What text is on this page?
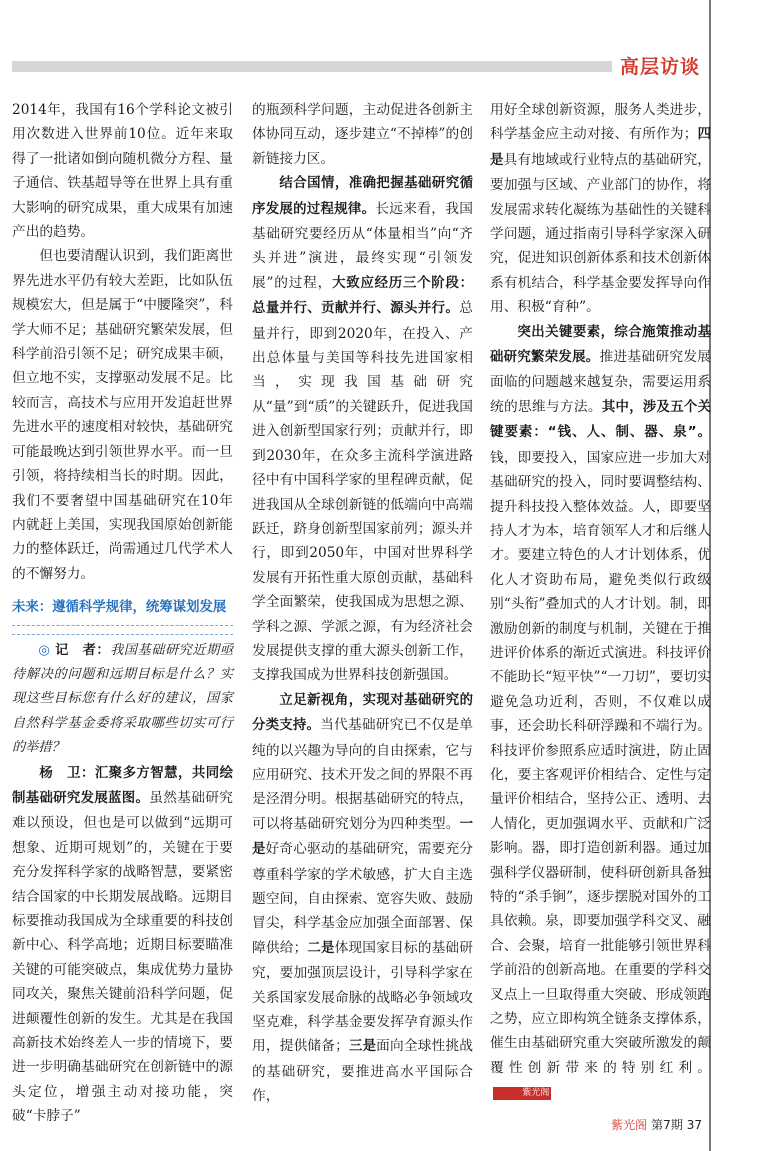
高层访谈

2014年，我国有16个学科论文被引用次数进入世界前10位。近年来取得了一批诸如倒向随机微分方程、量子通信、铁基超导等在世界上具有重大影响的研究成果，重大成果有加速产出的趋势。

但也要清醒认识到，我们距离世界先进水平仍有较大差距，比如队伍规模宏大，但是属于“中腰隆突”，科学大师不足；基础研究繁荣发展，但科学前沿引领不足；研究成果丰硕，但立地不实，支撑驱动发展不足。比较而言，高技术与应用开发追赶世界先进水平的速度相对较快，基础研究可能最晚达到引领世界水平。而一旦引领，将持续相当长的时期。因此，我们不要奢望中国基础研究在10年内就赶上美国，实现我国原始创新能力的整体跃迁，尚需通过几代学术人的不懈努力。

未来：遵循科学规律，统筹谋划发展

◎ 记　者：我国基础研究近期亟待解决的问题和远期目标是什么？实现这些目标您有什么好的建议，国家自然科学基金委将采取哪些切实可行的举措？

杨　卫：汇聚多方智慧，共同绘制基础研究发展蓝图。虽然基础研究难以预设，但也是可以做到“远期可想象、近期可规划”的，关键在于要充分发挥科学家的战略智慧，要紧密结合国家的中长期发展战略。远期目标要推动我国成为全球重要的科技创新中心、科学高地；近期目标要瞄准关键的可能突破点，集成优势力量协同攻关，聚焦关键前沿科学问题，促进颠覆性创新的发生。尤其是在我国高新技术始终差人一步的情境下，要进一步明确基础研究在创新链中的源头定位，增强主动对接功能，突破“卡脖子”

的瓶颈科学问题，主动促进各创新主体协同互动，逐步建立“不掉棒”的创新链接力区。

结合国情，准确把握基础研究循序发展的过程规律。长远来看，我国基础研究要经历从“体量相当”向“齐头并进”演进，最终实现“引领发展”的过程，大致应经历三个阶段：总量并行、贡献并行、源头并行。总量并行，即到2020年，在投入、产出总体量与美国等科技先进国家相当，实现我国基础研究从“量”到“质”的关键跃升，促进我国进入创新型国家行列；贡献并行，即到2030年，在众多主流科学演进路径中有中国科学家的里程碑贡献，促进我国从全球创新链的低端向中高端跃迁，跻身创新型国家前列；源头并行，即到2050年，中国对世界科学发展有开拓性重大原创贡献，基础科学全面繁荣，使我国成为思想之源、学科之源、学派之源，有为经济社会发展提供支撑的重大源头创新工作，支撑我国成为世界科技创新强国。

立足新视角，实现对基础研究的分类支持。当代基础研究已不仅是单纯的以兴趣为导向的自由探索，它与应用研究、技术开发之间的界限不再是泾渭分明。根据基础研究的特点，可以将基础研究划分为四种类型。一是好奇心驱动的基础研究，需要充分尊重科学家的学术敏感，扩大自主选题空间，自由探索、宽容失败、鼓励冒尖，科学基金应加强全面部署、保障供给；二是体现国家目标的基础研究，要加强顶层设计，引导科学家在关系国家发展命脉的战略必争领域攻坚克难，科学基金要发挥孕育源头作用，提供储备；三是面向全球性挑战的基础研究，要推进高水平国际合作，

用好全球创新资源，服务人类进步，科学基金应主动对接、有所作为；四是具有地域或行业特点的基础研究，要加强与区域、产业部门的协作，将发展需求转化凝练为基础性的关键科学问题，通过指南引导科学家深入研究，促进知识创新体系和技术创新体系有机结合，科学基金要发挥导向作用、积极“育种”。

突出关键要素，综合施策推动基础研究繁荣发展。推进基础研究发展面临的问题越来越复杂，需要运用系统的思维与方法。其中，涉及五个关键要素：“钱、人、制、器、泉”。钱，即要投入，国家应进一步加大对基础研究的投入，同时要调整结构、提升科技投入整体效益。人，即要坚持人才为本，培育领军人才和后继人才。要建立特色的人才计划体系，优化人才资助布局，避免类似行政级别“头衔”叠加式的人才计划。制，即激励创新的制度与机制，关键在于推进评价体系的渐近式演进。科技评价不能助长“短平快”“一刀切”，要切实避免急功近利，否则，不仅难以成事，还会助长科研浮躁和不端行为。科技评价参照系应适时演进，防止固化，要主客观评价相结合、定性与定量评价相结合，坚持公正、透明、去人情化，更加强调水平、贡献和广泛影响。器，即打造创新利器。通过加强科学仪器研制，使科研创新具备独特的“杀手锏”，逐步摆脱对国外的工具依赖。泉，即要加强学科交叉、融合、会聚，培育一批能够引领世界科学前沿的创新高地。在重要的学科交叉点上一旦取得重大突破、形成领跑之势，应立即构筑全链条支撑体系，催生由基础研究重大突破所激发的颠覆性创新带来的特别红利。紫光阁

紫光阁 第7期 37
